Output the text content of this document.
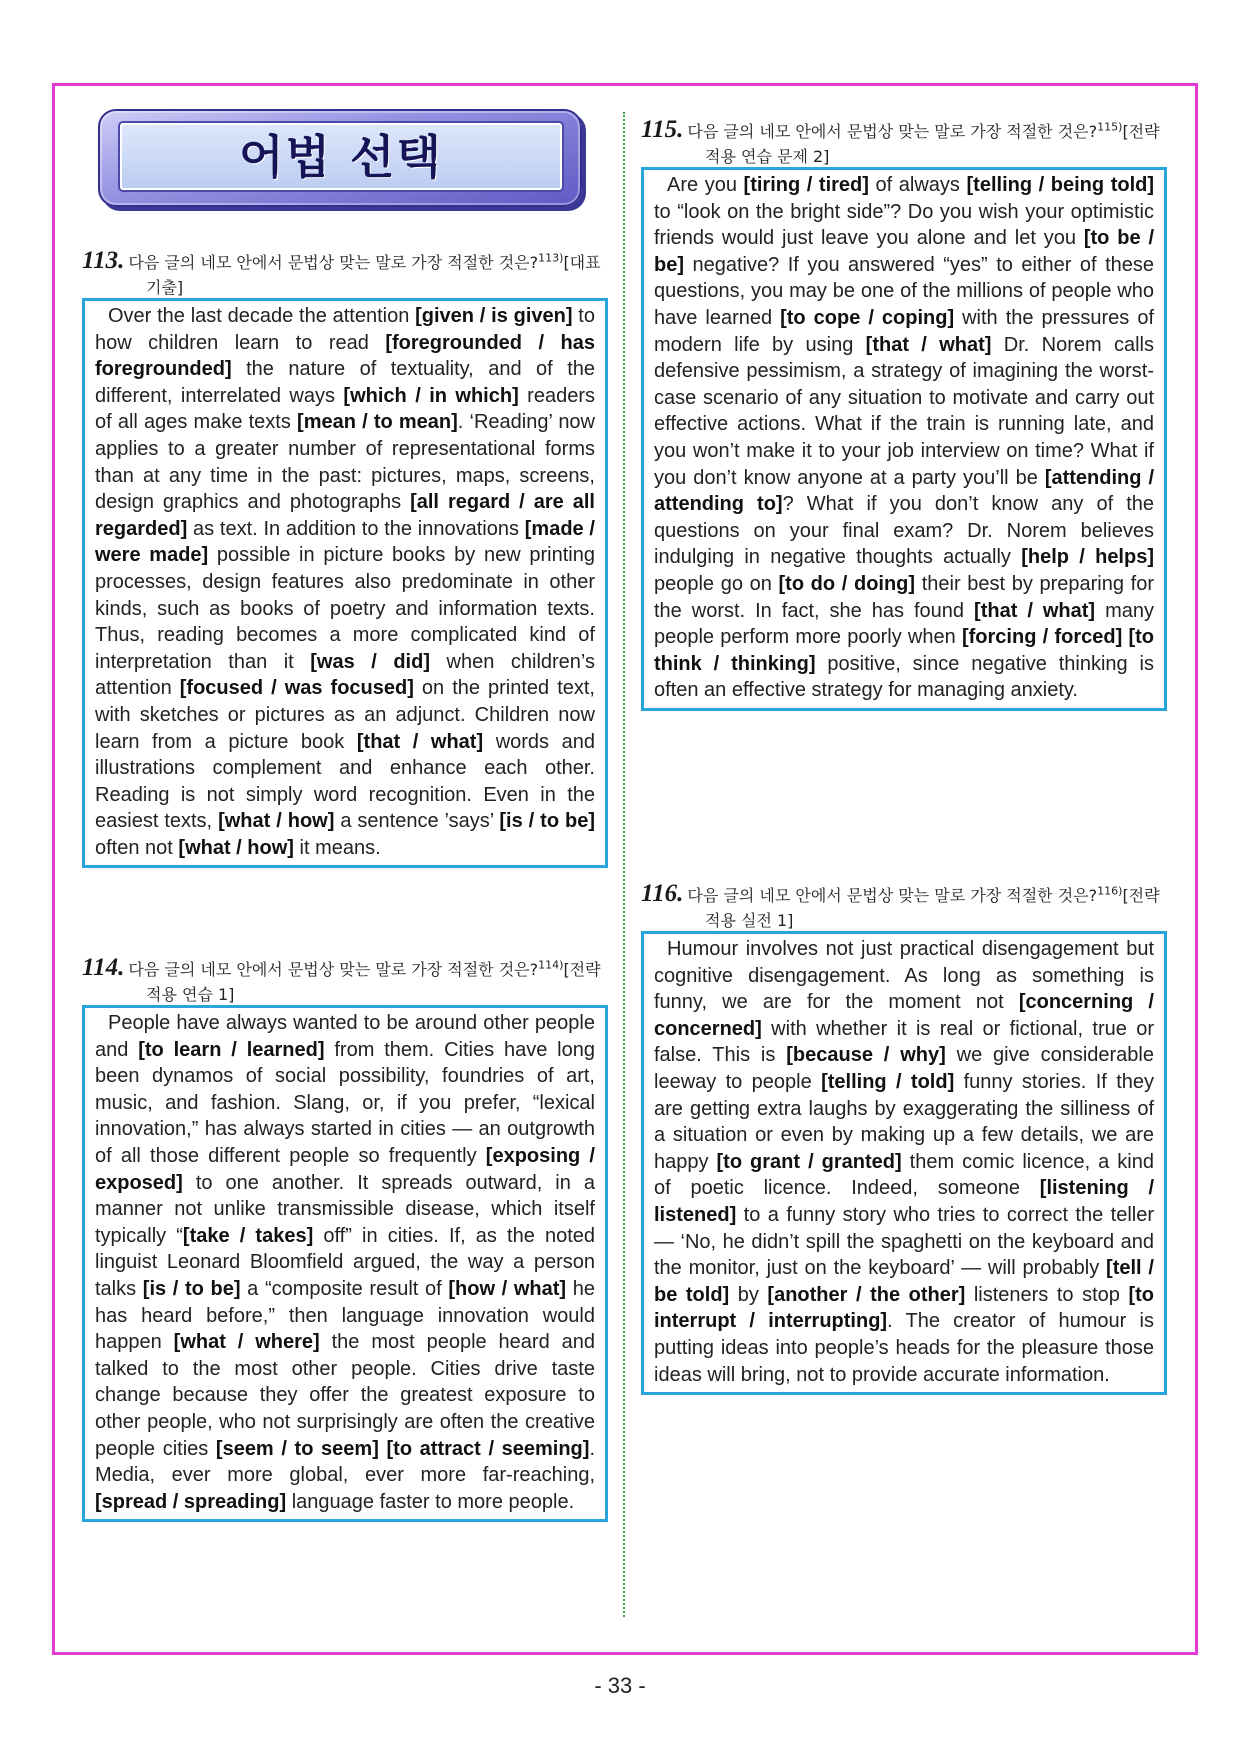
어법 선택
113. 다음 글의 네모 안에서 문법상 맞는 말로 가장 적절한 것은?$^{113)}$[대표기출]

Over the last decade the attention [given / is given] to how children learn to read [foregrounded / has foregrounded] the nature of textuality, and of the different, interrelated ways [which / in which] readers of all ages make texts [mean / to mean]. ‘Reading’ now applies to a greater number of representational forms than at any time in the past: pictures, maps, screens, design graphics and photographs [all regard / are all regarded] as text. In addition to the innovations [made / were made] possible in picture books by new printing processes, design features also predominate in other kinds, such as books of poetry and information texts. Thus, reading becomes a more complicated kind of interpretation than it [was / did] when children’s attention [focused / was focused] on the printed text, with sketches or pictures as an adjunct. Children now learn from a picture book [that / what] words and illustrations complement and enhance each other. Reading is not simply word recognition. Even in the easiest texts, [what / how] a sentence ’says’ [is / to be] often not [what / how] it means.

114. 다음 글의 네모 안에서 문법상 맞는 말로 가장 적절한 것은?$^{114)}$[전략 적용 연습 1]

People have always wanted to be around other people and [to learn / learned] from them. Cities have long been dynamos of social possibility, foundries of art, music, and fashion. Slang, or, if you prefer, “lexical innovation,” has always started in cities ― an outgrowth of all those different people so frequently [exposing / exposed] to one another. It spreads outward, in a manner not unlike transmissible disease, which itself typically “[take / takes] off” in cities. If, as the noted linguist Leonard Bloomfield argued, the way a person talks [is / to be] a “composite result of [how / what] he has heard before,” then language innovation would happen [what / where] the most people heard and talked to the most other people. Cities drive taste change because they offer the greatest exposure to other people, who not surprisingly are often the creative people cities [seem / to seem] [to attract / seeming]. Media, ever more global, ever more far-reaching, [spread / spreading] language faster to more people.

115. 다음 글의 네모 안에서 문법상 맞는 말로 가장 적절한 것은?$^{115)}$[전략 적용 연습 문제 2]

Are you [tiring / tired] of always [telling / being told] to “look on the bright side”? Do you wish your optimistic friends would just leave you alone and let you [to be / be] negative? If you answered “yes” to either of these questions, you may be one of the millions of people who have learned [to cope / coping] with the pressures of modern life by using [that / what] Dr. Norem calls defensive pessimism, a strategy of imagining the worst-case scenario of any situation to motivate and carry out effective actions. What if the train is running late, and you won’t make it to your job interview on time? What if you don’t know anyone at a party you’ll be [attending / attending to]? What if you don’t know any of the questions on your final exam? Dr. Norem believes indulging in negative thoughts actually [help / helps] people go on [to do / doing] their best by preparing for the worst. In fact, she has found [that / what] many people perform more poorly when [forcing / forced] [to think / thinking] positive, since negative thinking is often an effective strategy for managing anxiety.

116. 다음 글의 네모 안에서 문법상 맞는 말로 가장 적절한 것은?$^{116)}$[전략 적용 실전 1]

Humour involves not just practical disengagement but cognitive disengagement. As long as something is funny, we are for the moment not [concerning / concerned] with whether it is real or fictional, true or false. This is [because / why] we give considerable leeway to people [telling / told] funny stories. If they are getting extra laughs by exaggerating the silliness of a situation or even by making up a few details, we are happy [to grant / granted] them comic licence, a kind of poetic licence. Indeed, someone [listening / listened] to a funny story who tries to correct the teller ― ‘No, he didn’t spill the spaghetti on the keyboard and the monitor, just on the keyboard’ ― will probably [tell / be told] by [another / the other] listeners to stop [to interrupt / interrupting]. The creator of humour is putting ideas into people’s heads for the pleasure those ideas will bring, not to provide accurate information.

- 33 -
